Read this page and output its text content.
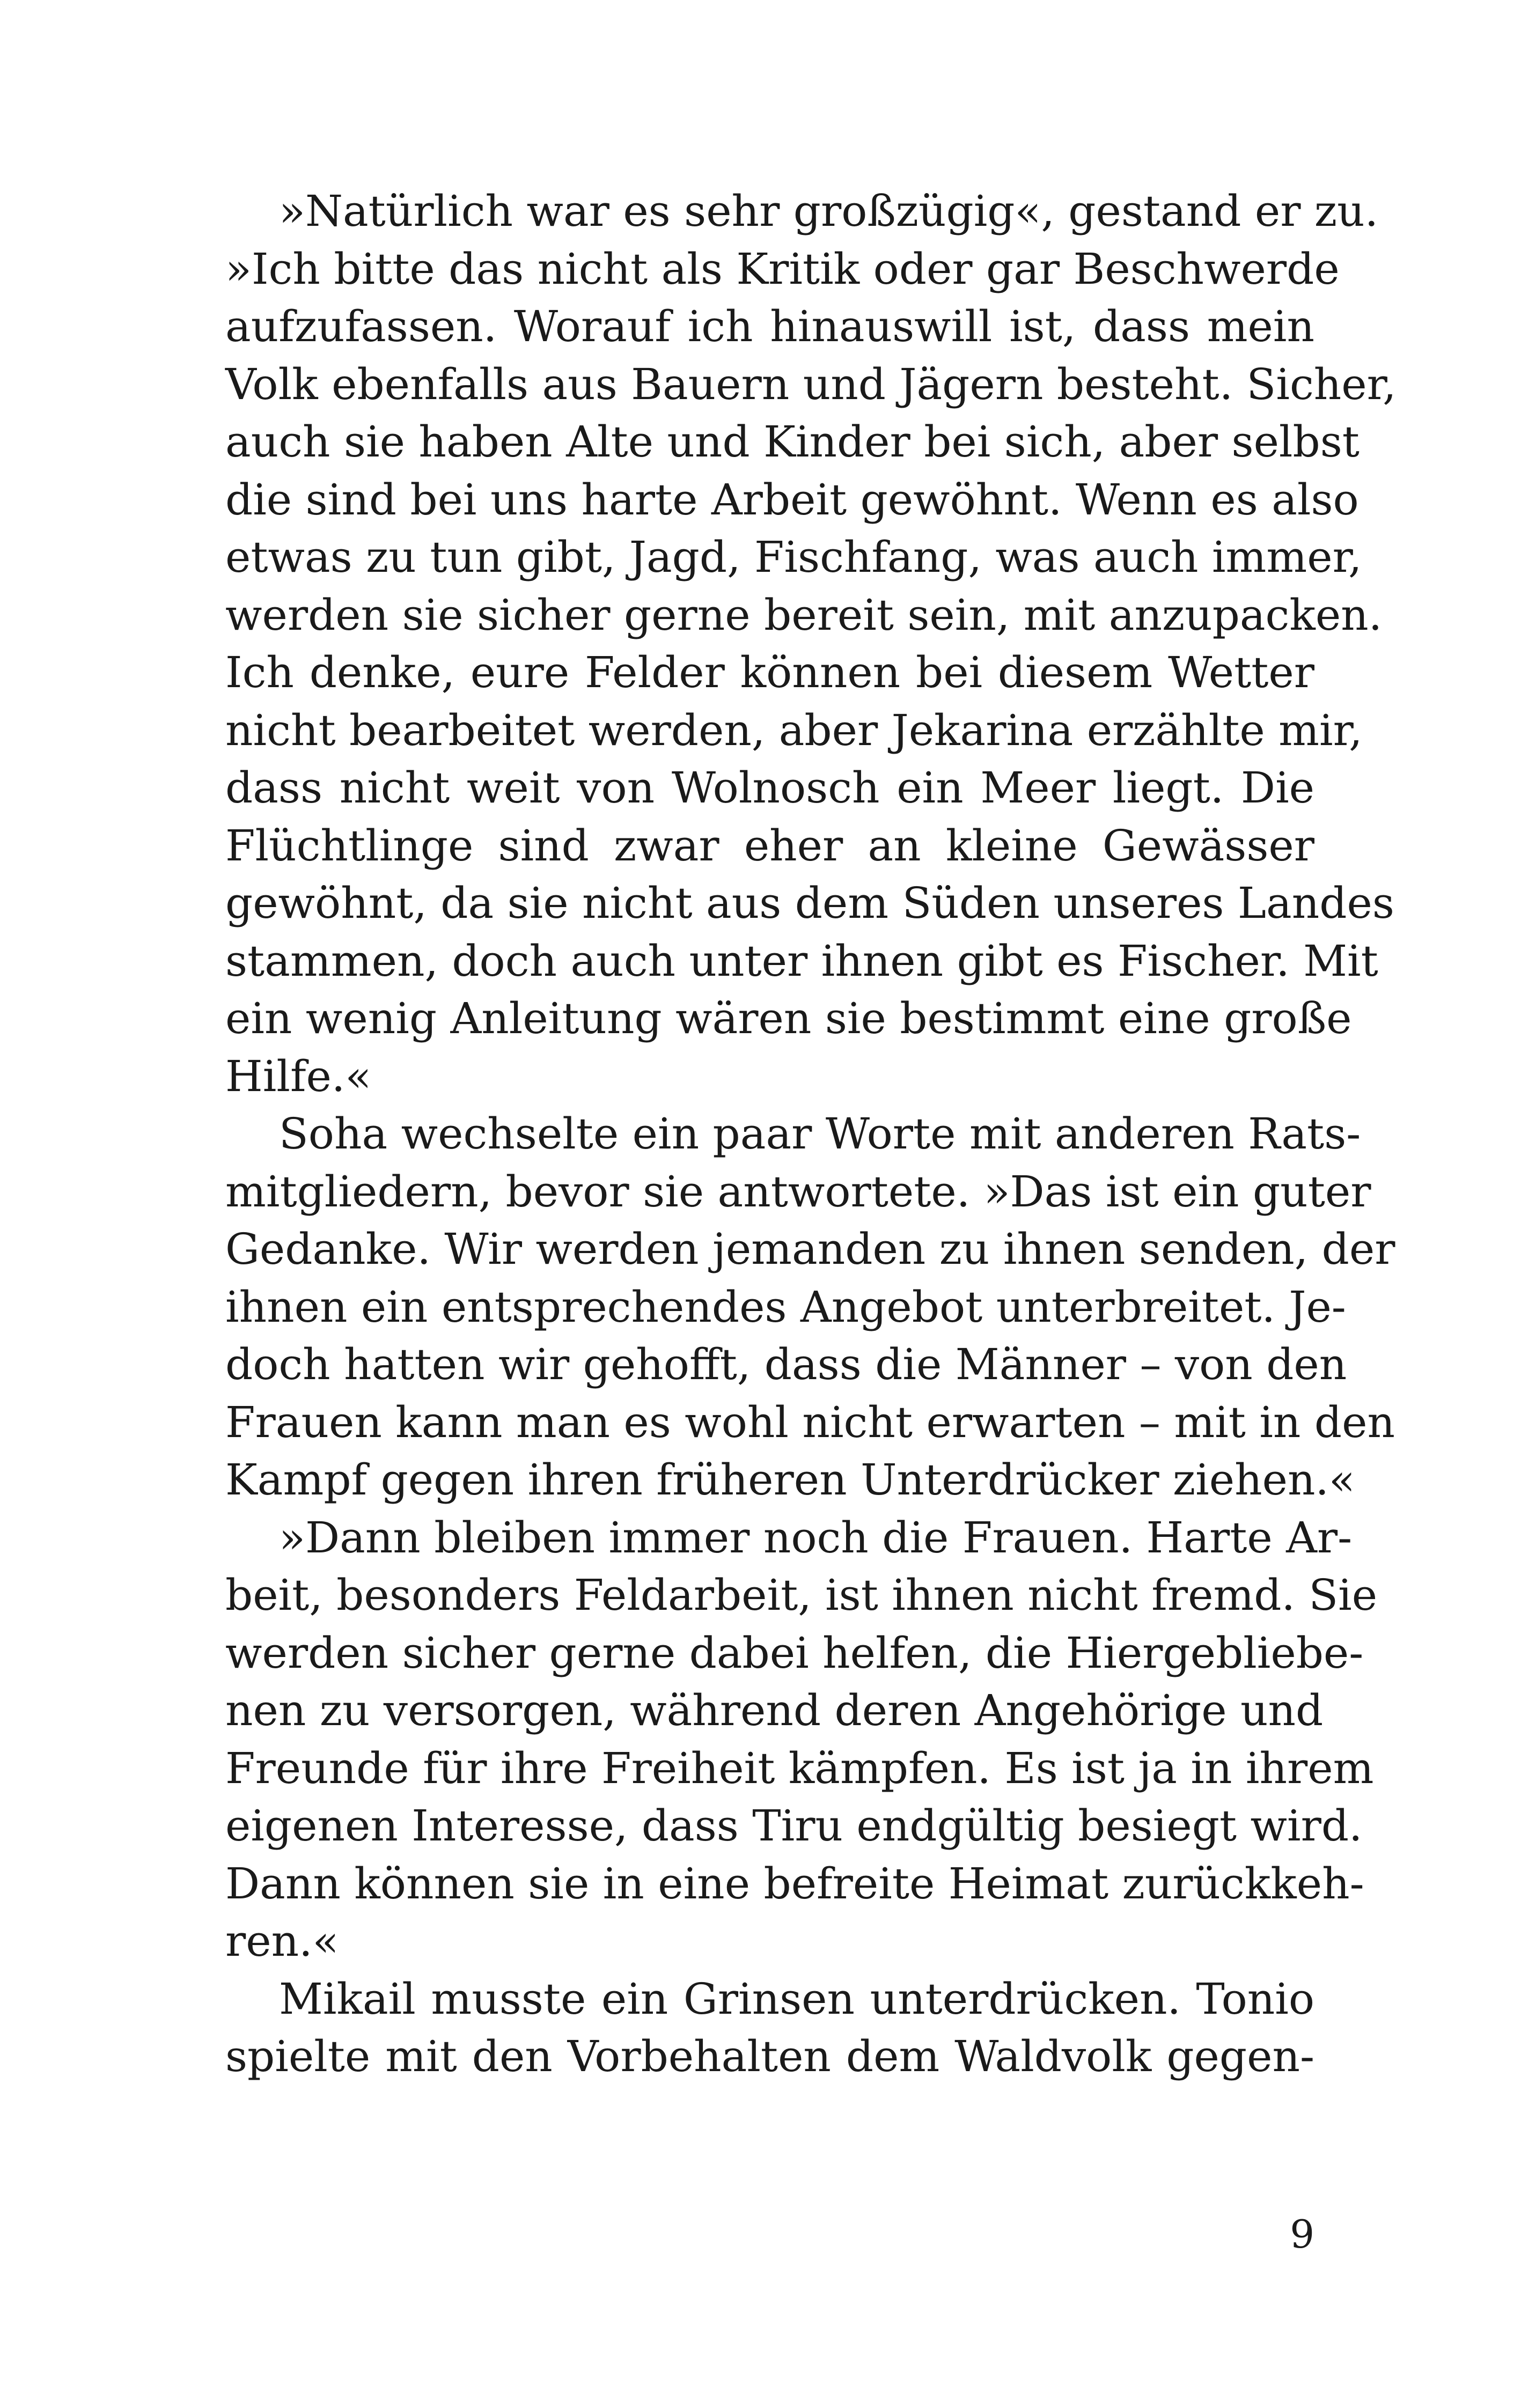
»Natürlich war es sehr großzügig«, gestand er zu.
»Ich bitte das nicht als Kritik oder gar Beschwerde
aufzufassen. Worauf ich hinauswill ist, dass mein
Volk ebenfalls aus Bauern und Jägern besteht. Sicher,
auch sie haben Alte und Kinder bei sich, aber selbst
die sind bei uns harte Arbeit gewöhnt. Wenn es also
etwas zu tun gibt, Jagd, Fischfang, was auch immer,
werden sie sicher gerne bereit sein, mit anzupacken.
Ich denke, eure Felder können bei diesem Wetter
nicht bearbeitet werden, aber Jekarina erzählte mir,
dass nicht weit von Wolnosch ein Meer liegt. Die
Flüchtlinge sind zwar eher an kleine Gewässer
gewöhnt, da sie nicht aus dem Süden unseres Landes
stammen, doch auch unter ihnen gibt es Fischer. Mit
ein wenig Anleitung wären sie bestimmt eine große
Hilfe.«
Soha wechselte ein paar Worte mit anderen Rats-
mitgliedern, bevor sie antwortete. »Das ist ein guter
Gedanke. Wir werden jemanden zu ihnen senden, der
ihnen ein entsprechendes Angebot unterbreitet. Je-
doch hatten wir gehofft, dass die Männer – von den
Frauen kann man es wohl nicht erwarten – mit in den
Kampf gegen ihren früheren Unterdrücker ziehen.«
»Dann bleiben immer noch die Frauen. Harte Ar-
beit, besonders Feldarbeit, ist ihnen nicht fremd. Sie
werden sicher gerne dabei helfen, die Hiergebliebe-
nen zu versorgen, während deren Angehörige und
Freunde für ihre Freiheit kämpfen. Es ist ja in ihrem
eigenen Interesse, dass Tiru endgültig besiegt wird.
Dann können sie in eine befreite Heimat zurückkeh-
ren.«
Mikail musste ein Grinsen unterdrücken. Tonio
spielte mit den Vorbehalten dem Waldvolk gegen-
9
